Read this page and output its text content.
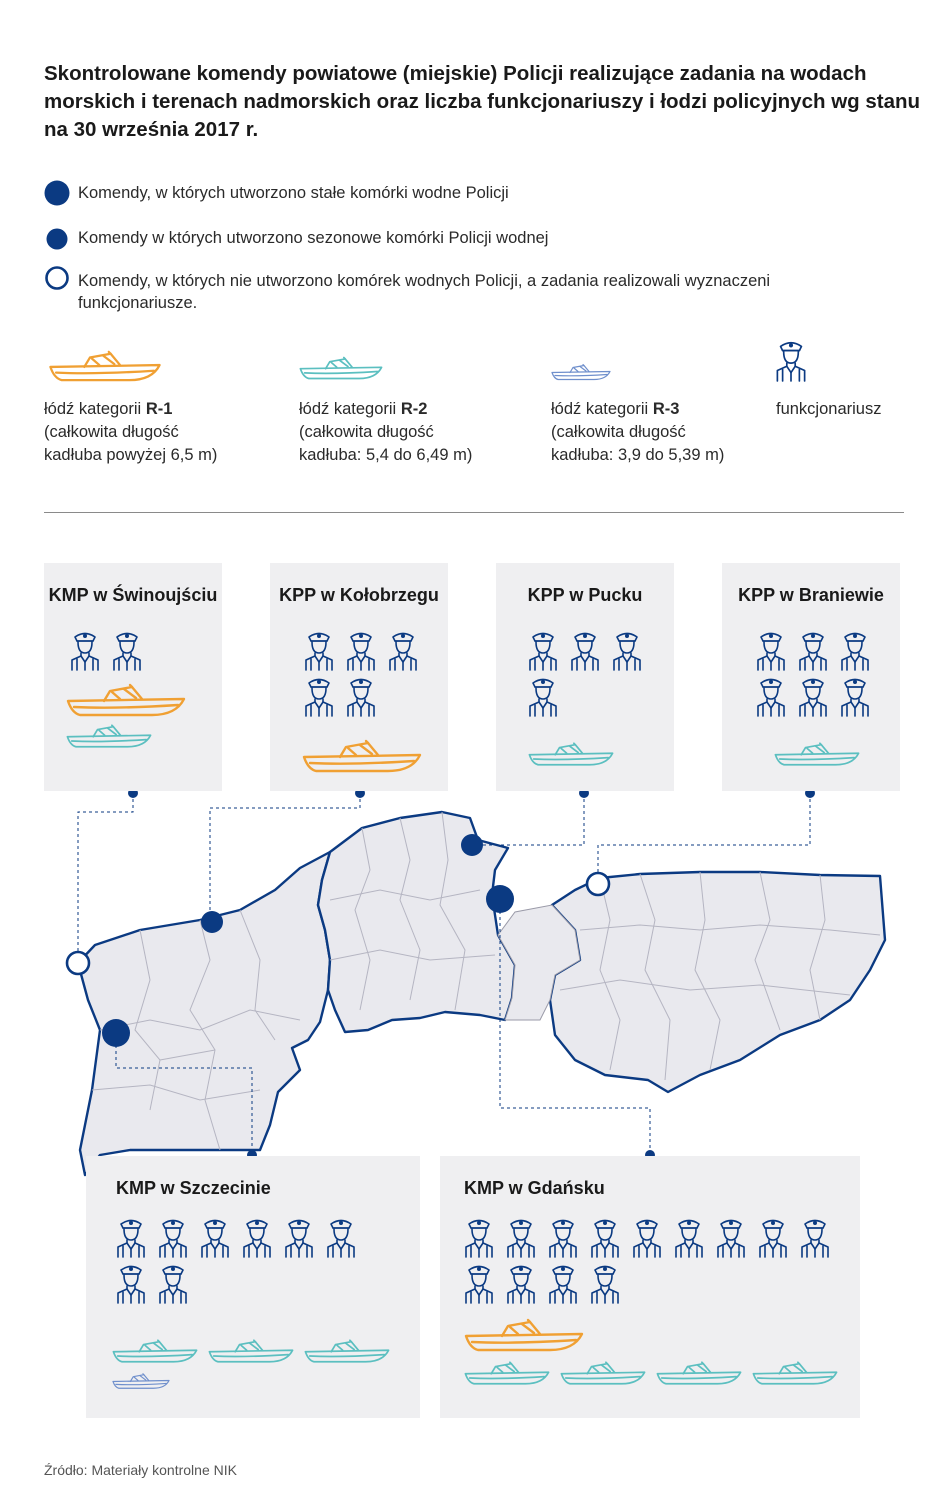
Skontrolowane komendy powiatowe (miejskie) Policji realizujące zadania na wodach morskich i terenach nadmorskich oraz liczba funkcjonariuszy i łodzi policyjnych wg stanu na 30 września 2017 r.
Komendy, w których utworzono stałe komórki wodne Policji
Komendy w których utworzono sezonowe komórki Policji wodnej
Komendy, w których nie utworzono komórek wodnych Policji, a zadania realizowali wyznaczeni funkcjonariusze.
łódź kategorii R-1
(całkowita długość
kadłuba powyżej 6,5 m)
łódź kategorii R-2
(całkowita długość
kadłuba: 5,4 do 6,49 m)
łódź kategorii R-3
(całkowita długość
kadłuba: 3,9 do 5,39 m)
funkcjonariusz
KMP w Świnoujściu	KPP w Kołobrzegu	KPP w Pucku	KPP w Braniewie
KMP w Szczecinie	KMP w Gdańsku
Źródło: Materiały kontrolne NIK
